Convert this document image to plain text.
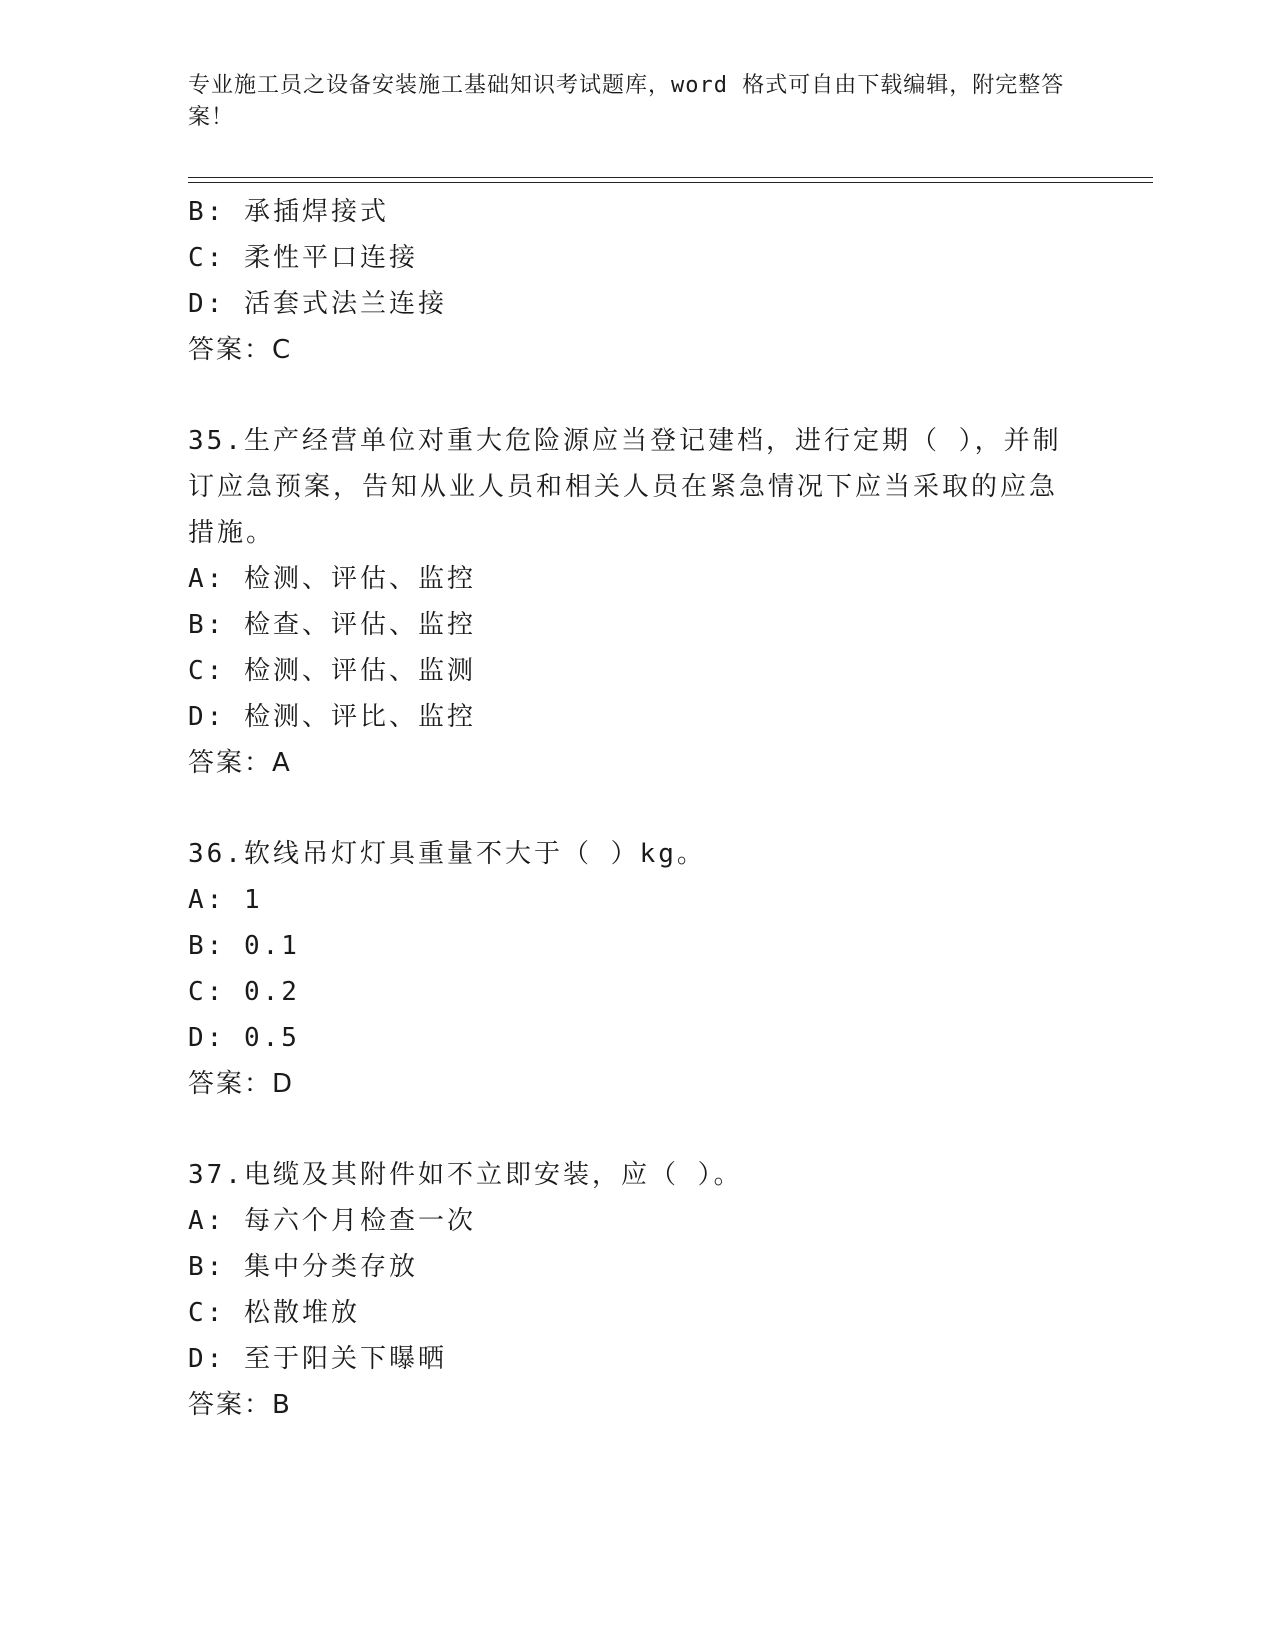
专业施工员之设备安装施工基础知识考试题库，word 格式可自由下载编辑，附完整答案！
B: 承插焊接式
C: 柔性平口连接
D: 活套式法兰连接
答案：C
35.生产经营单位对重大危险源应当登记建档，进行定期（ ），并制订应急预案，告知从业人员和相关人员在紧急情况下应当采取的应急措施。
A: 检测、评估、监控
B: 检查、评估、监控
C: 检测、评估、监测
D: 检测、评比、监控
答案：A
36.软线吊灯灯具重量不大于（ ）kg。
A: 1
B: 0.1
C: 0.2
D: 0.5
答案：D
37.电缆及其附件如不立即安装，应（ ）。
A: 每六个月检查一次
B: 集中分类存放
C: 松散堆放
D: 至于阳关下曝晒
答案：B
